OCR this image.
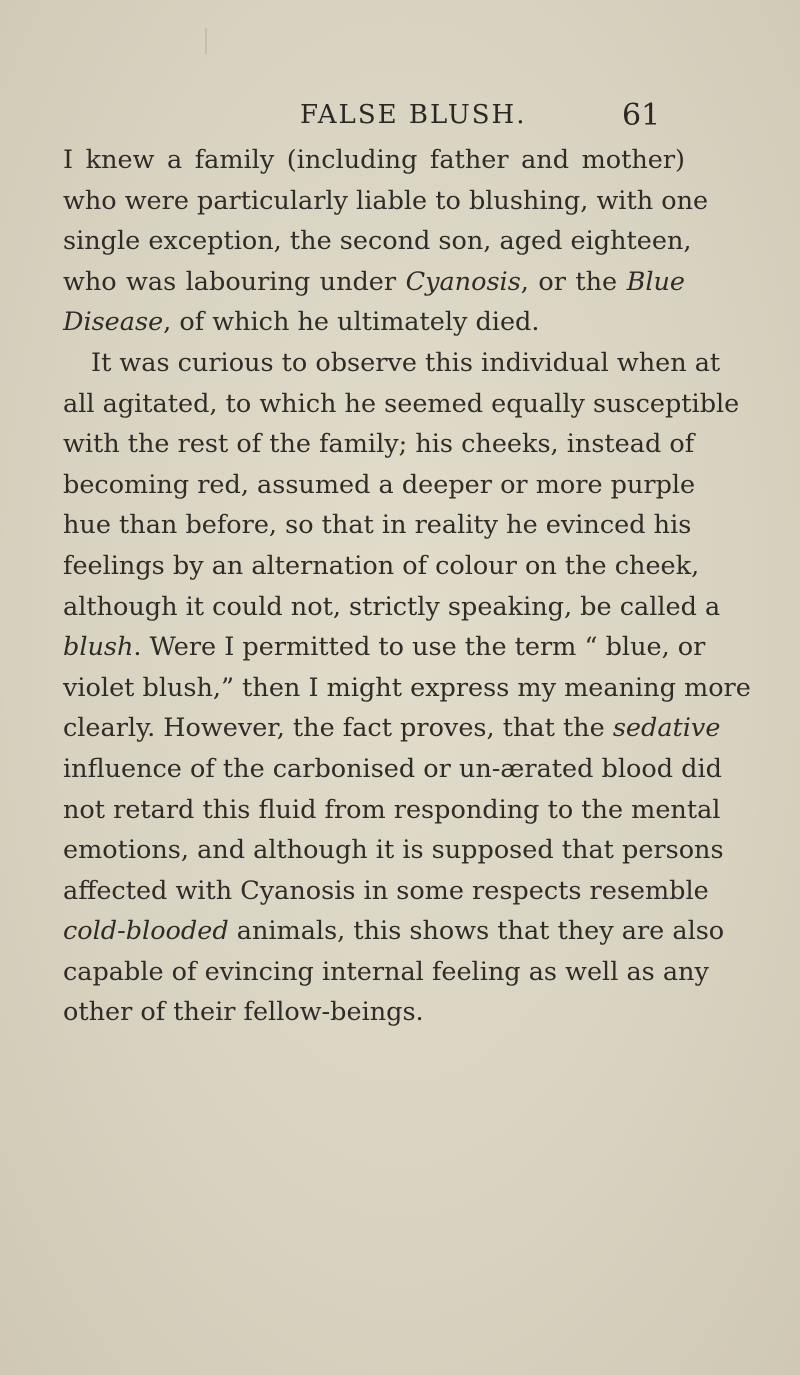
FALSE BLUSH.	61
I knew a family (including father and mother)
who were particularly liable to blushing, with one
single exception, the second son, aged eighteen,
who was labouring under Cyanosis, or the Blue
Disease, of which he ultimately died.
It was curious to observe this individual when at
all agitated, to which he seemed equally susceptible
with the rest of the family; his cheeks, instead of
becoming red, assumed a deeper or more purple
hue than before, so that in reality he evinced his
feelings by an alternation of colour on the cheek,
although it could not, strictly speaking, be called a
blush. Were I permitted to use the term “ blue, or
violet blush,” then I might express my meaning more
clearly. However, the fact proves, that the sedative
influence of the carbonised or un-ærated blood did
not retard this fluid from responding to the mental
emotions, and although it is supposed that persons
affected with Cyanosis in some respects resemble
cold-blooded animals, this shows that they are also
capable of evincing internal feeling as well as any
other of their fellow-beings.
